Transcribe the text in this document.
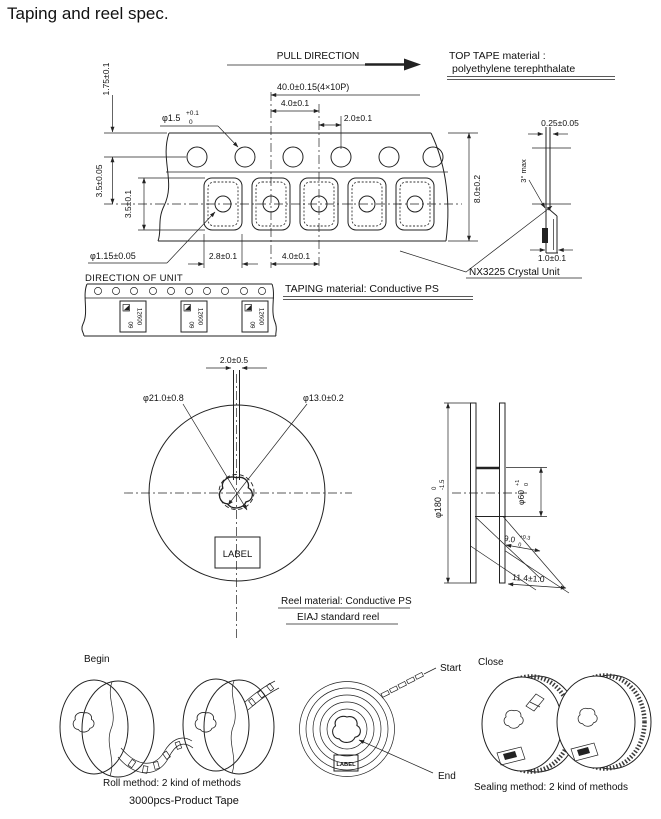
Taping and reel spec.
PULL DIRECTION	TOP TAPE material :
polyethylene terephthalate
40.0±0.15(4×10P)
4.0±0.1
2.0±0.1
1.75±0.1
3.5±0.05
3.5±0.1
φ1.5 +0.1
0
8.0±0.2
φ1.15±0.05	2.8±0.1	4.0±0.1
NX3225 Crystal Unit
0.25±0.05
3° max
1.0±0.1
TAPING material: Conductive PS
DIRECTION OF UNIT
12600
09	12600
09	12600
09
2.0±0.5
φ21.0±0.8	φ13.0±0.2
LABEL
φ180
0 -1.5
φ60
+1 0
9.0 +0.3
0
11.4±1.0
Reel material: Conductive PS
EIAJ standard reel
Begin
Roll method: 2 kind of methods
3000pcs-Product Tape
LABEL
Start
End
Close
Sealing method: 2 kind of methods
